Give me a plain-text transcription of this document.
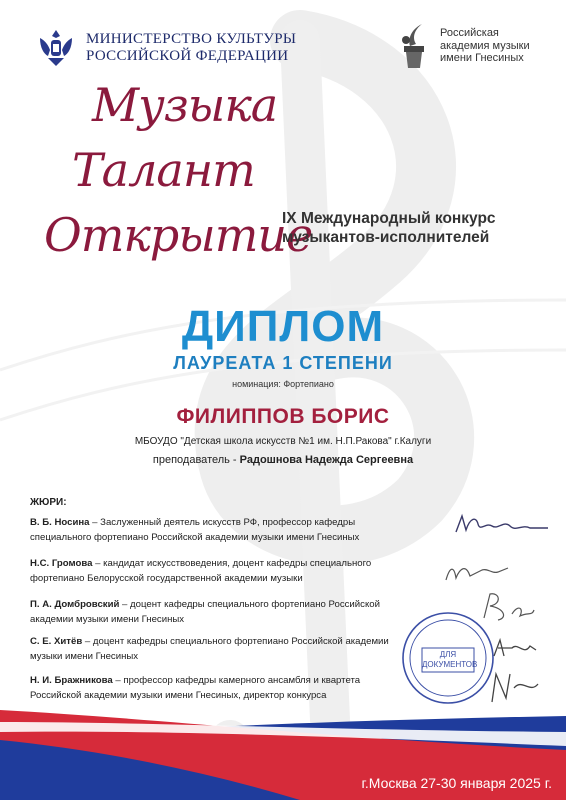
МИНИСТЕРСТВО КУЛЬТУРЫ
РОССИЙСКОЙ ФЕДЕРАЦИИ
Российская
академия музыки
имени Гнесиных
Музыка
Талант
Открытие
IX Международный конкурс
музыкантов-исполнителей
ДИПЛОМ
ЛАУРЕАТА 1 СТЕПЕНИ
номинация: Фортепиано
ФИЛИППОВ БОРИС
МБОУДО "Детская школа искусств №1 им. Н.П.Ракова" г.Калуги
преподаватель - Радошнова Надежда Сергеевна
ЖЮРИ:
В. Б. Носина – Заслуженный деятель искусств РФ, профессор кафедры специального фортепиано Российской академии музыки имени Гнесиных
Н.С. Громова – кандидат искусствоведения, доцент кафедры специального фортепиано Белорусской государственной академии музыки
П. А. Домбровский – доцент кафедры специального фортепиано Российской академии музыки имени Гнесиных
С. Е. Хитёв – доцент кафедры специального фортепиано Российской академии музыки имени Гнесиных
Н. И. Бражникова – профессор кафедры камерного ансамбля и квартета Российской академии музыки имени Гнесиных, директор конкурса
ДЛЯ
ДОКУМЕНТОВ
г.Москва 27-30 января 2025 г.
